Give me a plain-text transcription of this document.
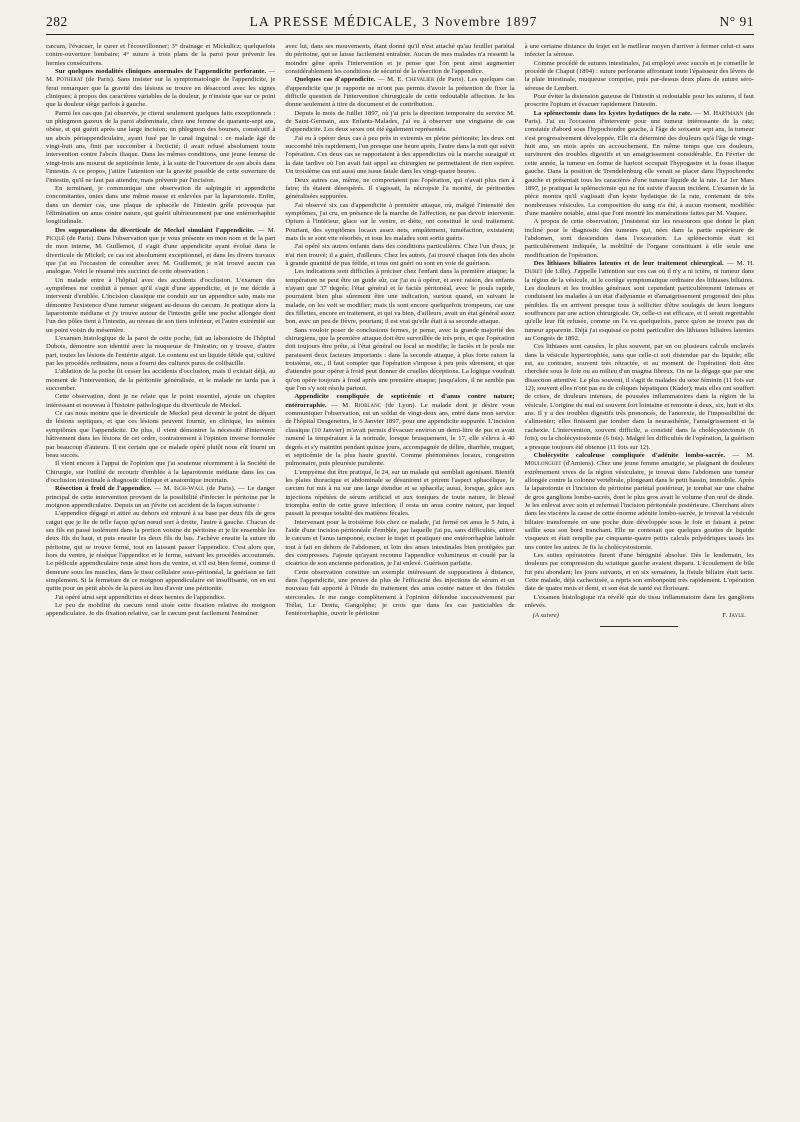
282	LA PRESSE MÉDICALE, 3 Novembre 1897	N° 91

cæcum, l'évacuer, le curer et l'écouvillonner; 3° drainage et Mickulicz; quelquefois contre-ouverture lombaire; 4° suture à trois plans de la paroi pour prévenir les hernies consécutives.

Sur quelques modalités cliniques anormales de l'appendicite perforante. — M. Potherat (de Paris). Sans insister sur la symptomatologie de l'appendicite, je ferai remarquer que la gravité des lésions se trouve en désaccord avec les signes cliniques; à propos des caractères variables de la douleur, je n'insiste que sur ce point que la douleur siège parfois à gauche.

Parmi les cas que j'ai observés, je citerai seulement quelques faits exceptionnels : un phlegmon gazeux de la paroi abdominale, chez une femme de quarante-sept ans, obèse, et qui guérit après une large incision; un phlegmon des bourses, consécutif à un abcès périappendiculaire, ayant fusé par le canal inguinal : ce malade âgé de vingt-huit ans, finit par succomber à l'ecticité; il avait refusé absolument toute intervention contre l'abcès iliaque. Dans les mêmes conditions, une jeune femme de vingt-trois ans mourut de septicémie lente, à la suite de l'ouverture de son abcès dans l'intestin. A ce propos, j'attire l'attention sur la gravité possible de cette ouverture de l'intestin, qu'il ne faut pas attendre, mais prévenir par l'incision.

En terminant, je communique une observation de salpingite et appendicite concomitantes, unies dans une même masse et enlevées par la laparotomie. Enfin, dans un dernier cas, une plaque de sphacèle de l'intestin grêle provoqua par l'élimination un anus contre nature, qui guérit ultérieurement par une entérorrhaphie longitudinale.

Des suppurations du diverticule de Meckel simulant l'appendicite. — M. Picqué (de Paris). Dans l'observation que je vous présente en mon nom et de la part de mon interne, M. Guillemot, il s'agit d'une appendicite ayant évolué dans le diverticule de Mickel; ce cas est absolument exceptionnel, et dans les divers travaux que j'ai eu l'occasion de consulter avec M. Guillemot, je n'ai trouvé aucun cas analogue. Voici le résumé très succinct de cette observation :

Un malade entre à l'hôpital avec des accidents d'occlusion. L'examen des symptômes me conduit à penser qu'il s'agit d'une appendicite, et je me décide à intervenir d'emblée. L'incision classique me conduit sur un appendice sain, mais me démontre l'existence d'une tumeur siégeant au-dessus du cæcum. Je pratique alors la laparotomie médiane et j'y trouve autour de l'intestin grêle une poche allongée dont l'un des pôles tient à l'intestin, au niveau de son tiers inférieur, et l'autre extrémité sur un point voisin du mésentère.

L'examen histologique de la paroi de cette poche, fait au laboratoire de l'hôpital Dubois, démontre son identité avec la muqueuse de l'intestin; on y trouve, d'autre part, toutes les lésions de l'entérite aiguë. Le contenu est un liquide fétide qui, cultivé par les procédés ordinaires, nous a fourni des cultures pures de colibacille.

L'ablation de la poche fit cesser les accidents d'occlusion, mais il existait déjà, au moment de l'intervention, de la péritonite généralisée, et le malade ne tarda pas à succomber.

Cette observation, dont je ne relate que le point essentiel, ajoute un chapitre intéressant et nouveau à l'histoire pathologique du diverticule de Meckel.

Ce cas nous montre que le diverticule de Meckel peut devenir le point de départ de lésions septiques, et que ces lésions peuvent fournir, en clinique, les mêmes symptômes que l'appendicite. De plus, il vient démontrer la nécessité d'intervenir hâtivement dans les lésions de cet ordre, contrairement à l'opinion inverse formulée par beaucoup d'auteurs. Il est certain que ce malade opéré plutôt nous eût fourni un beau succès.

Il vient encore à l'appui de l'opinion que j'ai soutenue récemment à la Société de Chirurgie, sur l'utilité de recourir d'emblée à la laparotomie médiane dans les cas d'occlusion intestinale à diagnostic clinique et anatomique incertain.

Résection à froid de l'appendice. — M. Isch-Wall (de Paris). — Le danger principal de cette intervention provient de la possibilité d'infecter le péritoine par le moignon appendiculaire. Depuis un an j'évite cet accident de la façon suivante :

L'appendice dégagé et attiré au dehors est entouré à sa base par deux fils de gros catgut que je lie de telle façon qu'un nœud sort à droite, l'autre à gauche. Chacun de ses fils est passé isolément dans la portion voisine du péritoine et je lie ensemble les deux fils du haut, et puis ensuite les deux fils du bas. J'achève ensuite la suture du péritoine, qui se trouve fermé, tout en laissant passer l'appendice. C'est alors que, hors du ventre, je résèque l'appendice et le ferme, suivant les procédés accoutumés. Le pédicule appendiculaire reste ainsi hors du ventre, et s'il est bien fermé, comme il demeure sous les muscles, dans le tissu cellulaire sous-péritonéal, la guérison se fait simplement. Si la fermeture de ce moignon appendiculaire est insuffisante, on en est quitte pour un petit abcès de la paroi au lieu d'avoir une péritonite.

J'ai opéré ainsi sept appendicites et deux hernies de l'appendice.

Le peu de mobilité du cæcum rend aisée cette fixation relative du moignon appendiculaire. Je dis fixation relative, car le cæcum peut facilement l'entraîner

avec lui, dans ses mouvements, étant donné qu'il n'est attaché qu'au feuillet pariétal du péritoine, qui se laisse facilement entraîner. Aucun de mes malades n'a ressenti la moindre gêne après l'intervention et je pense que l'on peut ainsi augmenter considérablement les conditions de sécurité de la résection de l'appendice.

Quelques cas d'appendicite. — M. E. Chevalier (de Paris). Les quelques cas d'appendicite que je rapporte ne m'ont pas permis d'avoir la prétention de fixer la difficile question de l'intervention chirurgicale de cette redoutable affection. Je les donne seulement à titre de document et de contribution.

Depuis le mois de Juillet 1897, où j'ai pris la direction temporaire du service M. de Saint-Germain, aux Enfants-Malades, j'ai eu à observer une vingtaine de cas d'appendicite. Les deux sexes ont été également représentés.

J'ai eu à opérer deux cas à peu près in extremis en pleine péritonite; les deux ont succombé très rapidement, l'un presque une heure après, l'autre dans la nuit qui suivit l'opération. Ces deux cas se rapportaient à des appendicites où la marche suraiguë et la date tardive où l'on avait fait appel au chirurgien ne permettaient de rien espérer. Un troisième cas eut aussi une issue fatale dans les vingt-quatre heures.

Deux autres cas, même, ne comportaient pas l'opération, qui n'avait plus rien à faire; ils étaient désespérés. Il s'agissait, la nécropsie l'a montré, de péritonites généralisées suppurées.

J'ai observé six cas d'appendicite à première attaque, où, malgré l'intensité des symptômes, j'ai cru, en présence de la marche de l'affection, ne pas devoir intervenir. Opium à l'intérieur, glace sur le ventre, et diète, ont constitué le seul traitement. Pourtant, des symptômes locaux assez nets, empâtement, tuméfaction, existaient; mais ils se sont vite résorbés, et tous les malades sont sortis guéris.

J'ai opéré six autres enfants dans des conditions particulières. Chez l'un d'eux, je n'ai rien trouvé; il a guéri, d'ailleurs. Chez les autres, j'ai trouvé chaque fois des abcès à grande quantité de pus fétide, et tous ont guéri ou sont en voie de guérison.

Les indications sont difficiles à préciser chez l'enfant dans la première attaque; la température ne peut être un guide sûr, car j'ai eu à opérer, et avec raison, des enfants n'ayant que 37 degrés; l'état général et le faciès péritonéal, avec le pouls rapide, pourraient bien plus sûrement être une indication, surtout quand, en suivant le malade, on les voit se modifier; mais ils sont encore quelquefois trompeurs, car une des fillettes, encore en traitement, et qui va bien, d'ailleurs, avait un état général assez bon, avec un peu de fièvre, pourtant; il est vrai qu'elle était à sa seconde attaque.

Sans vouloir poser de conclusions fermes, je pense, avec la grande majorité des chirurgiens, que la première attaque doit être surveillée de très près, et que l'opération doit toujours être prête, si l'état général ou local se modifie; le faciès et le pouls me paraissent deux facteurs importants : dans la seconde attaque, à plus forte raison la troisième, etc., il faut compter que l'opération s'impose à peu près sûrement, et que d'attendre pour opérer à froid peut donner de cruelles déceptions. La logique voudrait qu'on opère toujours à froid après une première attaque; jusqu'alors, il ne semble pas que l'on s'y soit résolu partout.

Appendicite compliquée de septicémie et d'anus contre nature; entérorraphie. — M. Rioblanc (de Lyon). Le malade dont je désire vous communiquer l'observation, est un soldat de vingt-deux ans, entré dans mon service de l'hôpital Desgenettes, le 6 Janvier 1897, pour une appendicite suppurée. L'incision classique (10 Janvier) m'avait permis d'évacuer environ un demi-litre de pus et avait ramené la température à la normale, lorsque brusquement, le 17, elle s'éleva à 40 degrés et s'y maintint pendant quinze jours, accompagnée de délire, diarrhée, muguet, et septicémie de la plus haute gravité. Comme phénomènes locaux, congestion pulmonaire, puis pleurésie purulente.

L'empyème dut être pratiqué, le 24, sur un malade qui semblait agonisant. Bientôt les plaies thoracique et abdominale se désunirent et prirent l'aspect sphacélique, le cæcum fut mis à nu sur une large étendue et se sphacéla; aussi, lorsque, grâce aux injections répétées de sérum artificiel et aux toniques de toute nature, le blessé triompha enfin de cette grave infection, il resta un anus contre nature, par lequel passait la presque totalité des matières fécales.

Intervenant pour la troisième fois chez ce malade, j'ai fermé cet anus le 5 Juin, à l'aide d'une incision péritonéale d'emblée, par laquelle j'ai pu, sans difficultés, attirer le cæcum et l'anus tamponné, exciser le trajet et pratiquer une entérorrhaphie latérale tout à fait en dehors de l'abdomen, et loin des anses intestinales bien protégées par des compresses. J'ajoute qu'ayant reconnu l'appendice volumineux et coudé par la cicatrice de son ancienne perforation, je l'ai enlevé. Guérison parfaite.

Cette observation constitue un exemple intéressant de suppurations à distance, dans l'appendicite, une preuve de plus de l'efficacité des injections de sérum et un nouveau fait apporté à l'étude du traitement des anus contre nature et des fistules stercorales. Je me range complètement à l'opinion défendue successivement par Trélat, Le Dentu, Gangolphe; je crois que dans les cas justiciables de l'entérorrhaphie, ouvrir le péritoine

à une certaine distance du trajet est le meilleur moyen d'arriver à fermer celui-ci sans infecter la séreuse.

Comme procédé de sutures intestinales, j'ai employé avec succès et je conseille le procédé de Chaput (1894) : suture perforante affrontant toute l'épaisseur des lèvres de la plaie intestinale, muqueuse comprise, puis par-dessus deux plans de suture séro-séreuse de Lembert.

Pour éviter la distension gazeuse de l'intestin si redoutable pour les sutures, il faut proscrire l'opium et évacuer rapidement l'intestin.

La splénectomie dans les kystes hydatiques de la rate. — M. Hartmann (de Paris). J'ai eu l'occasion d'intervenir pour une tumeur intéressante de la rate; constatée d'abord sous l'hypochondre gauche, à l'âge de soixante sept ans, la tumeur s'est progressivement développée. Elle n'a déterminé des douleurs qu'à l'âge de vingt-huit ans, un mois après un accouchement. En même temps que ces douleurs, survinrent des troubles digestifs et un amaigrissement considérable. En Février de cette année, la tumeur en forme de haricot occupait l'hypogastre et la fosse iliaque gauche. Dans la position de Trendelenburg elle venait se placer dans l'hypochondre gauche et présentait tous les caractères d'une tumeur liquide de la rate. Le 1er Mars 1897, je pratiquai la splénectomie qui ne fut suivie d'aucun incident. L'examen de la pièce montra qu'il s'agissait d'un kyste hydatique de la rate, contenant de très nombreuses vésicules. La composition du sang n'a été, à aucun moment, modifiée d'une manière notable, ainsi que l'ont montré les numérations faites par M. Vaquez.

A propos de cette observation, j'insisterai sur les ressources que donne le plan incliné pour le diagnostic des tumeurs qui, nées dans la partie supérieure de l'abdomen, sont descendues dans l'excavation. La splénectomie était ici particulièrement indiquée, la mobilité de l'organe constituant à elle seule une modification de l'opération.

Des lithiases biliaires latentes et de leur traitement chirurgical. — M. H. Duret (de Lille). J'appelle l'attention sur ces cas où il n'y a ni ictère, ni tumeur dans la région de la vésicule, ni le cortège symptomatique ordinaire des lithiases biliaires. Les douleurs et les troubles généraux sont cependant particulièrement intenses et conduisent les malades à un état d'adynamie et d'amaigrissement progressif des plus pénibles. Ils en arrivent presque tous à solliciter d'être soulagés de leurs longues souffrances par une action chirurgicale. Or, celle-ci est efficace, et il serait regrettable qu'elle leur fût refusée, comme on l'a vu quelquefois, parce qu'on ne trouve pas de tumeur apparente. Déjà j'ai esquissé ce point particulier des lithiases biliaires latentes au Congrès de 1892.

Ces lithiases sont causées, le plus souvent, par un ou plusieurs calculs enclavés dans la vésicule hypertrophiée, sans que celle-ci soit distendue par du liquide; elle est, au contraire, souvent très rétractée, et au moment de l'opération doit être cherchée sous le foie ou au milieu d'un magma fibreux. On ne la dégage que par une dissection attentive. Le plus souvent, il s'agit de malades du sexe féminin (11 fois sur 12); souvent elles n'ont pas eu de coliques hépatiques (Kader); mais elles ont souffert de crises, de douleurs intenses, de poussées inflammatoires dans la région de la vésicule. L'origine du mal est souvent fort lointaine et remonte à deux, six, huit et dix ans. Il y a des troubles digestifs très prononcés, de l'anorexie, de l'impossibilité de s'alimenter; elles finissent par tomber dans la neurasthénie, l'amaigrissement et la cachexie. L'intervention, souvent difficile, a consisté dans la cholécystectomie (6 fois), ou la cholécystostomie (6 fois). Malgré les difficultés de l'opération, la guérison a presque toujours été obtenue (11 fois sur 12).

Cholécystite calculeuse compliquée d'adénite lombo-sacrée. — M. Moulonguet (d'Amiens). Chez une jeune femme amaigrie, se plaignant de douleurs extrêmement vives de la région vésiculaire, je trouvai dans l'abdomen une tumeur allongée contre la colonne vertébrale, plongeant dans le petit bassin, immobile. Après la laparotomie et l'incision du péritoine pariétal postérieur, je tombai sur une chaîne de gros ganglions lombo-sacrés, dont le plus gros avait le volume d'un œuf de dinde. Je les enlevai avec soin et refermai l'incision péritonéale postérieure. Cherchant alors dans les viscères la cause de cette énorme adénite lombo-sacrée, je trouvai la vésicule biliaire transformée en une poche dure développée sous le foie et faisant à peine saillie sous son bord tranchant. Elle ne contenait que quelques gouttes de liquide visqueux et était remplie par cinquante-quatre petits calculs polyédriques tassés les uns contre les autres. Je fis la cholécystostomie.

Les suites opératoires furent d'une bénignité absolue. Dès le lendemain, les douleurs par compression du sciatique gauche avaient disparu. L'écoulement de bile fut peu abondant; les jours suivants, et en six semaines, la fistule biliaire était tarie. Cette malade, déjà cachectisée, a repris son embonpoint très rapidement. L'opération date de quatre mois et demi, et son état de santé est florissant.

L'examen histologique n'a révélé que du tissu inflammatoire dans les ganglions enlevés.

(A suivre)	F. Jayle.
